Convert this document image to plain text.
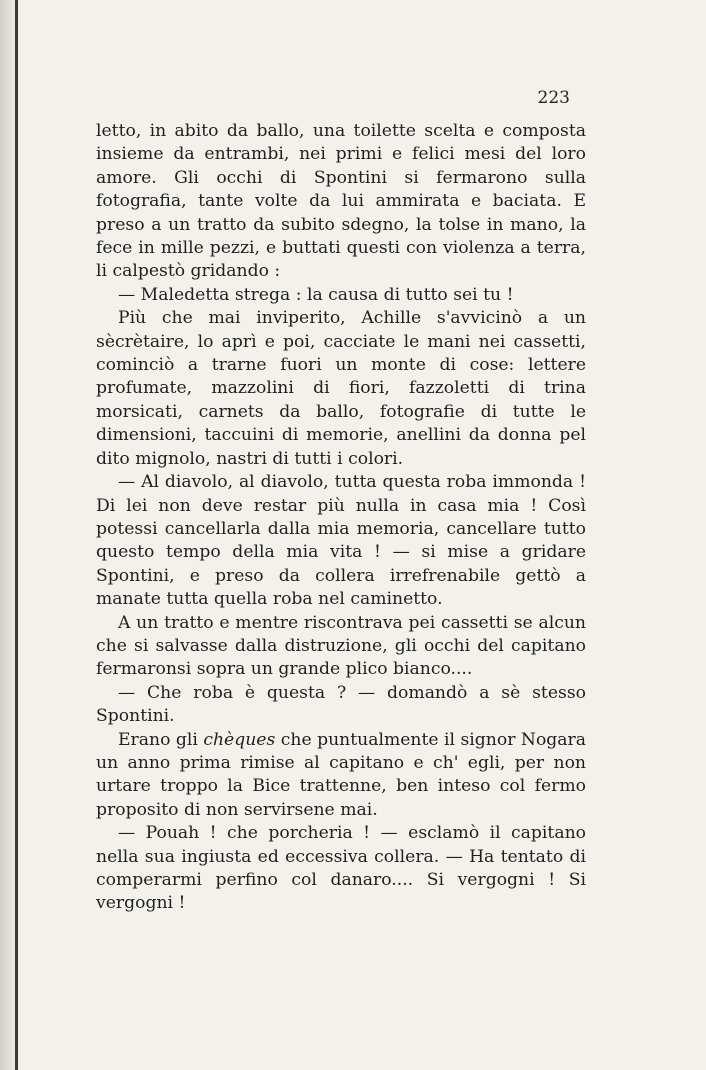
223

letto, in abito da ballo, una toilette scelta e composta insieme da entrambi, nei primi e felici mesi del loro amore. Gli occhi di Spontini si fermarono sulla fotografia, tante volte da lui ammirata e baciata. E preso a un tratto da subito sdegno, la tolse in mano, la fece in mille pezzi, e buttati questi con violenza a terra, li calpestò gridando :

— Maledetta strega : la causa di tutto sei tu !

Più che mai inviperito, Achille s'avvicinò a un sècrètaire, lo aprì e poi, cacciate le mani nei cassetti, cominciò a trarne fuori un monte di cose: lettere profumate, mazzolini di fiori, fazzoletti di trina morsicati, carnets da ballo, fotografie di tutte le dimensioni, taccuini di memorie, anellini da donna pel dito mignolo, nastri di tutti i colori.

— Al diavolo, al diavolo, tutta questa roba immonda ! Di lei non deve restar più nulla in casa mia ! Così potessi cancellarla dalla mia memoria, cancellare tutto questo tempo della mia vita ! — si mise a gridare Spontini, e preso da collera irrefrenabile gettò a manate tutta quella roba nel caminetto.

A un tratto e mentre riscontrava pei cassetti se alcun che si salvasse dalla distruzione, gli occhi del capitano fermaronsi sopra un grande plico bianco....

— Che roba è questa ? — domandò a sè stesso Spontini.

Erano gli chèques che puntualmente il signor Nogara un anno prima rimise al capitano e ch' egli, per non urtare troppo la Bice trattenne, ben inteso col fermo proposito di non servirsene mai.

— Pouah ! che porcheria ! — esclamò il capitano nella sua ingiusta ed eccessiva collera. — Ha tentato di comperarmi perfino col danaro.... Si vergogni ! Si vergogni !
